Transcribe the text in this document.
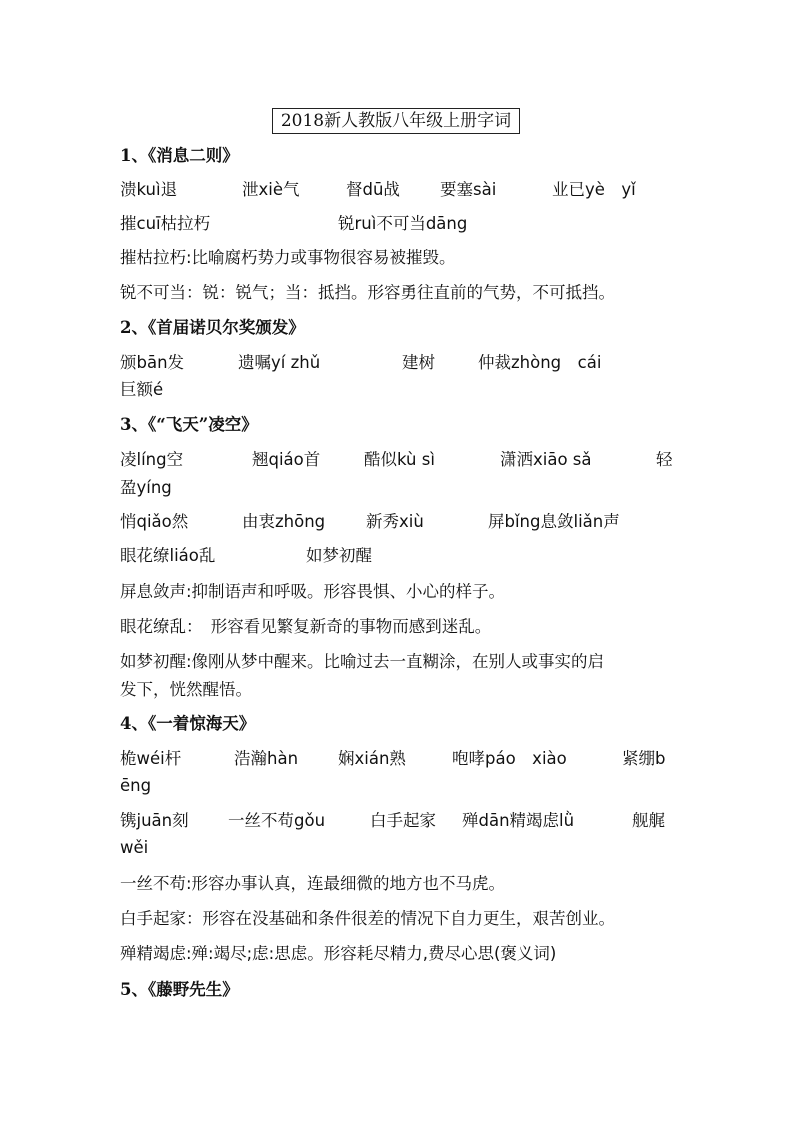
2018新人教版八年级上册字词
1、《消息二则》
溃kuì退	泄xiè气	督dū战 要塞sài	业已yè　yǐ
摧cuī枯拉朽	锐ruì不可当dāng
摧枯拉朽:比喻腐朽势力或事物很容易被摧毁。
锐不可当：锐：锐气；当：抵挡。形容勇往直前的气势，不可抵挡。
2、《首届诺贝尔奖颁发》
颁bān发	遗嘱yí zhǔ	建树	仲裁zhòng　cái
巨额é
3、《“飞天”凌空》
凌líng空	翘qiáo首	酷似kù sì	潇洒xiāo sǎ	轻
盈yíng
悄qiǎo然	由衷zhōng 新秀xiù	屏bǐng息敛liǎn声
眼花缭liáo乱	如梦初醒
屏息敛声:抑制语声和呼吸。形容畏惧、小心的样子。
眼花缭乱：　形容看见繁复新奇的事物而感到迷乱。
如梦初醒:像刚从梦中醒来。比喻过去一直糊涂，在别人或事实的启
发下，恍然醒悟。
4、《一着惊海天》
桅wéi杆	浩瀚hàn 娴xián熟	咆哮páo　xiào	紧绷b
ēng
镌juān刻 一丝不苟gǒu	白手起家 殚dān精竭虑lǜ	舰艉
wěi
一丝不苟:形容办事认真，连最细微的地方也不马虎。
白手起家：形容在没基础和条件很差的情况下自力更生，艰苦创业。
殚精竭虑:殚:竭尽;虑:思虑。形容耗尽精力,费尽心思(褒义词)
5、《藤野先生》
